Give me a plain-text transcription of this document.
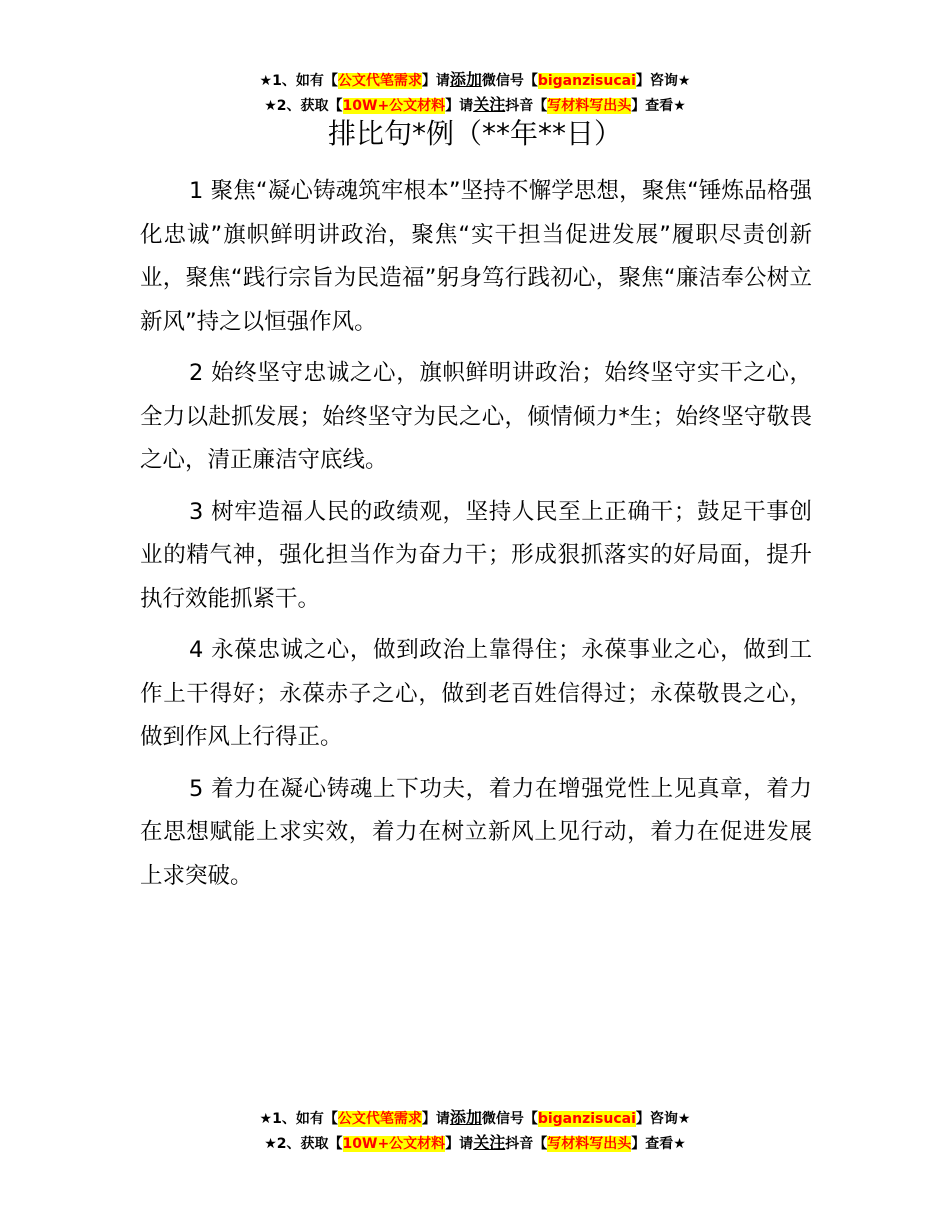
★1、如有【公文代笔需求】请添加微信号【biganzisucai】咨询★
★2、获取【10W+公文材料】请关注抖音【写材料写出头】查看★
排比句*例（**年**日）

1 聚焦“凝心铸魂筑牢根本”坚持不懈学思想，聚焦“锤炼品格强化忠诚”旗帜鲜明讲政治，聚焦“实干担当促进发展”履职尽责创新业，聚焦“践行宗旨为民造福”躬身笃行践初心，聚焦“廉洁奉公树立新风”持之以恒强作风。

2 始终坚守忠诚之心，旗帜鲜明讲政治；始终坚守实干之心，全力以赴抓发展；始终坚守为民之心，倾情倾力*生；始终坚守敬畏之心，清正廉洁守底线。

3 树牢造福人民的政绩观，坚持人民至上正确干；鼓足干事创业的精气神，强化担当作为奋力干；形成狠抓落实的好局面，提升执行效能抓紧干。

4 永葆忠诚之心，做到政治上靠得住；永葆事业之心，做到工作上干得好；永葆赤子之心，做到老百姓信得过；永葆敬畏之心，做到作风上行得正。

5 着力在凝心铸魂上下功夫，着力在增强党性上见真章，着力在思想赋能上求实效，着力在树立新风上见行动，着力在促进发展上求突破。

★1、如有【公文代笔需求】请添加微信号【biganzisucai】咨询★
★2、获取【10W+公文材料】请关注抖音【写材料写出头】查看★
